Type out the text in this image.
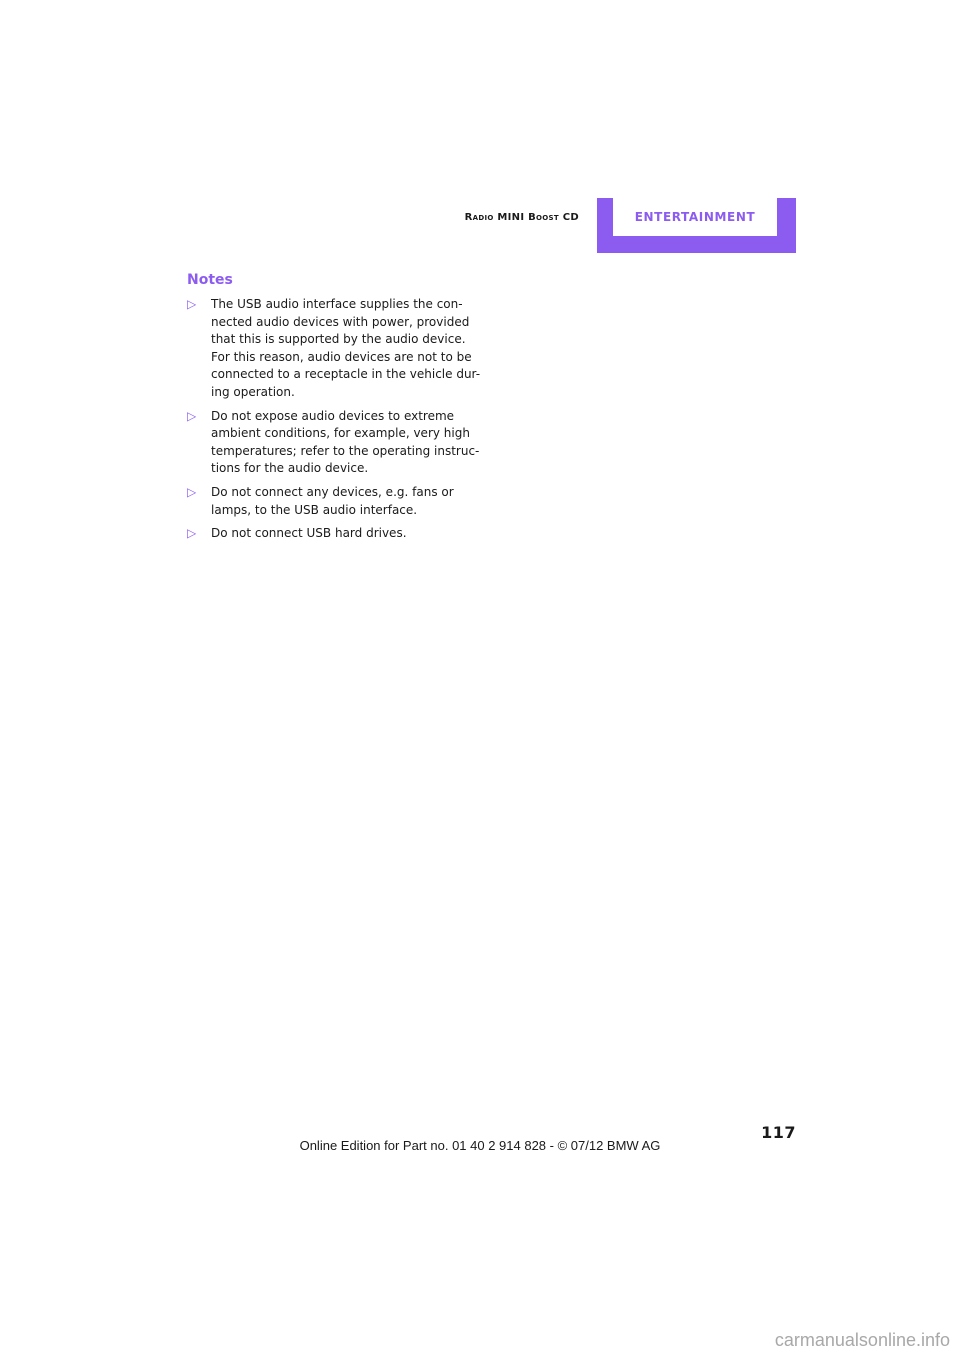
Radio MINI Boost CD	ENTERTAINMENT
Notes
▷ The USB audio interface supplies the con-
nected audio devices with power, provided
that this is supported by the audio device.
For this reason, audio devices are not to be
connected to a receptacle in the vehicle dur-
ing operation.
▷ Do not expose audio devices to extreme
ambient conditions, for example, very high
temperatures; refer to the operating instruc-
tions for the audio device.
▷ Do not connect any devices, e.g. fans or
lamps, to the USB audio interface.
▷ Do not connect USB hard drives.
117
Online Edition for Part no. 01 40 2 914 828 - © 07/12 BMW AG
carmanualsonline.info
